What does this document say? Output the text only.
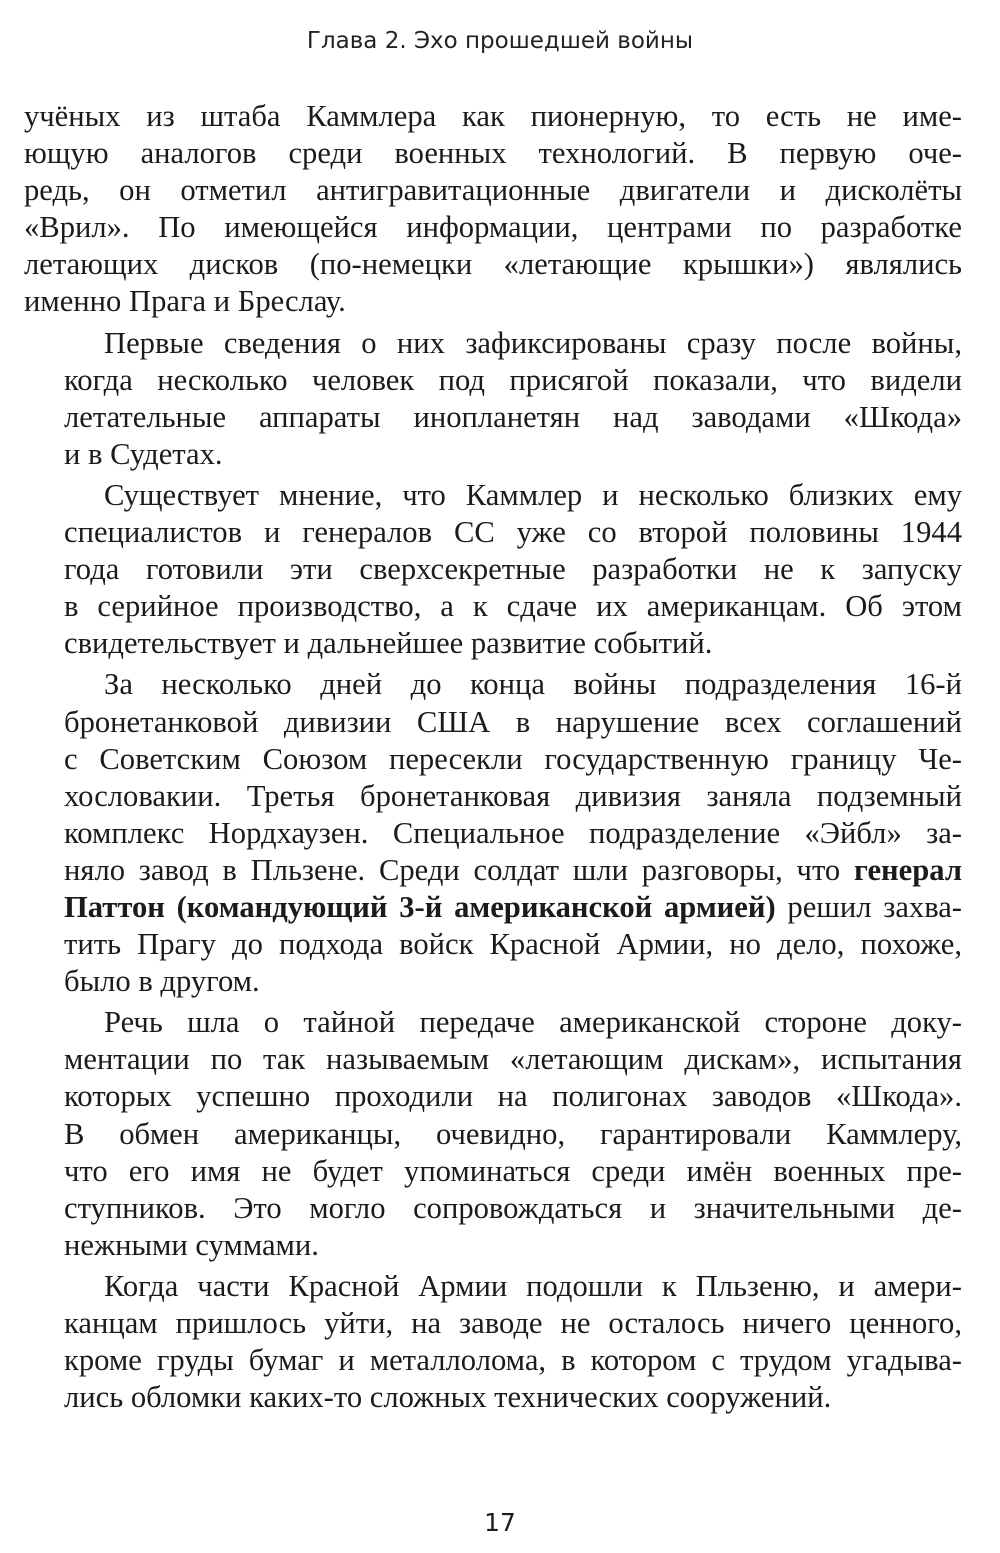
Глава 2. Эхо прошедшей войны
учёных из штаба Каммлера как пионерную, то есть не име-
ющую аналогов среди военных технологий. В первую оче-
редь, он отметил антигравитационные двигатели и дисколёты
«Врил». По имеющейся информации, центрами по разработке
летающих дисков (по-немецки «летающие крышки») являлись
именно Прага и Бреслау.
Первые сведения о них зафиксированы сразу после войны,
когда несколько человек под присягой показали, что видели
летательные аппараты инопланетян над заводами «Шкода»
и в Судетах.
Существует мнение, что Каммлер и несколько близких ему
специалистов и генералов СС уже со второй половины 1944
года готовили эти сверхсекретные разработки не к запуску
в серийное производство, а к сдаче их американцам. Об этом
свидетельствует и дальнейшее развитие событий.
За несколько дней до конца войны подразделения 16-й
бронетанковой дивизии США в нарушение всех соглашений
с Советским Союзом пересекли государственную границу Че-
хословакии. Третья бронетанковая дивизия заняла подземный
комплекс Нордхаузен. Специальное подразделение «Эйбл» за-
няло завод в Пльзене. Среди солдат шли разговоры, что генерал
Паттон (командующий 3-й американской армией) решил захва-
тить Прагу до подхода войск Красной Армии, но дело, похоже,
было в другом.
Речь шла о тайной передаче американской стороне доку-
ментации по так называемым «летающим дискам», испытания
которых успешно проходили на полигонах заводов «Шкода».
В обмен американцы, очевидно, гарантировали Каммлеру,
что его имя не будет упоминаться среди имён военных пре-
ступников. Это могло сопровождаться и значительными де-
нежными суммами.
Когда части Красной Армии подошли к Пльзеню, и амери-
канцам пришлось уйти, на заводе не осталось ничего ценного,
кроме груды бумаг и металлолома, в котором с трудом угадыва-
лись обломки каких-то сложных технических сооружений.
17
